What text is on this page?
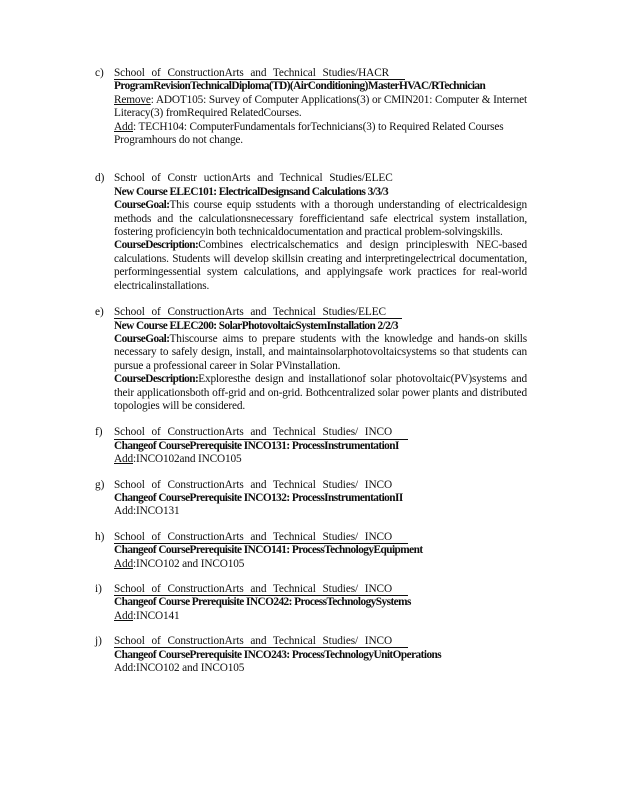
c) School of ConstructionArts and Technical Studies/HACR
ProgramRevisionTechnicalDiploma(TD)(AirConditioning)MasterHVAC/RTechnician
Remove: ADOT105: Survey of Computer Applications(3) or CMIN201: Computer & Internet Literacy(3) fromRequired RelatedCourses.
Add: TECH104: ComputerFundamentals forTechnicians(3) to Required Related Courses
Programhours do not change.
d) School of Constr uctionArts and Technical Studies/ELEC
New Course ELEC101: ElectricalDesignsand Calculations 3/3/3
CourseGoal:This course equip sstudents with a thorough understanding of electricaldesign methods and the calculationsnecessary forefficientand safe electrical system installation, fostering proficiencyin both technicaldocumentation and practical problem-solvingskills.
CourseDescription:Combines electricalschematics and design principleswith NEC-based calculations. Students will develop skillsin creating and interpretingelectrical documentation, performingessential system calculations, and applyingsafe work practices for real-world electricalinstallations.
e) School of ConstructionArts and Technical Studies/ELEC
New Course ELEC200: SolarPhotovoltaicSystemInstallation 2/2/3
CourseGoal:Thiscourse aims to prepare students with the knowledge and hands-on skills necessary to safely design, install, and maintainsolarphotovoltaicsystems so that students can pursue a professional career in Solar PVinstallation.
CourseDescription:Exploresthe design and installationof solar photovoltaic(PV)systems and their applicationsboth off-grid and on-grid. Bothcentralized solar power plants and distributed topologies will be considered.
f)	School of ConstructionArts and Technical Studies/ INCO
Changeof CoursePrerequisite INCO131: ProcessInstrumentationI
Add:INCO102and INCO105
g) School of ConstructionArts and Technical Studies/ INCO
Changeof CoursePrerequisite INCO132: ProcessInstrumentationII
Add:INCO131
h) School of ConstructionArts and Technical Studies/ INCO
Changeof CoursePrerequisite INCO141: ProcessTechnologyEquipment
Add:INCO102 and INCO105
i)	School of ConstructionArts and Technical Studies/ INCO
Changeof Course Prerequisite INCO242: ProcessTechnologySystems
Add:INCO141
j)	School of ConstructionArts and Technical Studies/ INCO
Changeof CoursePrerequisite INCO243: ProcessTechnologyUnitOperations
Add:INCO102 and INCO105
